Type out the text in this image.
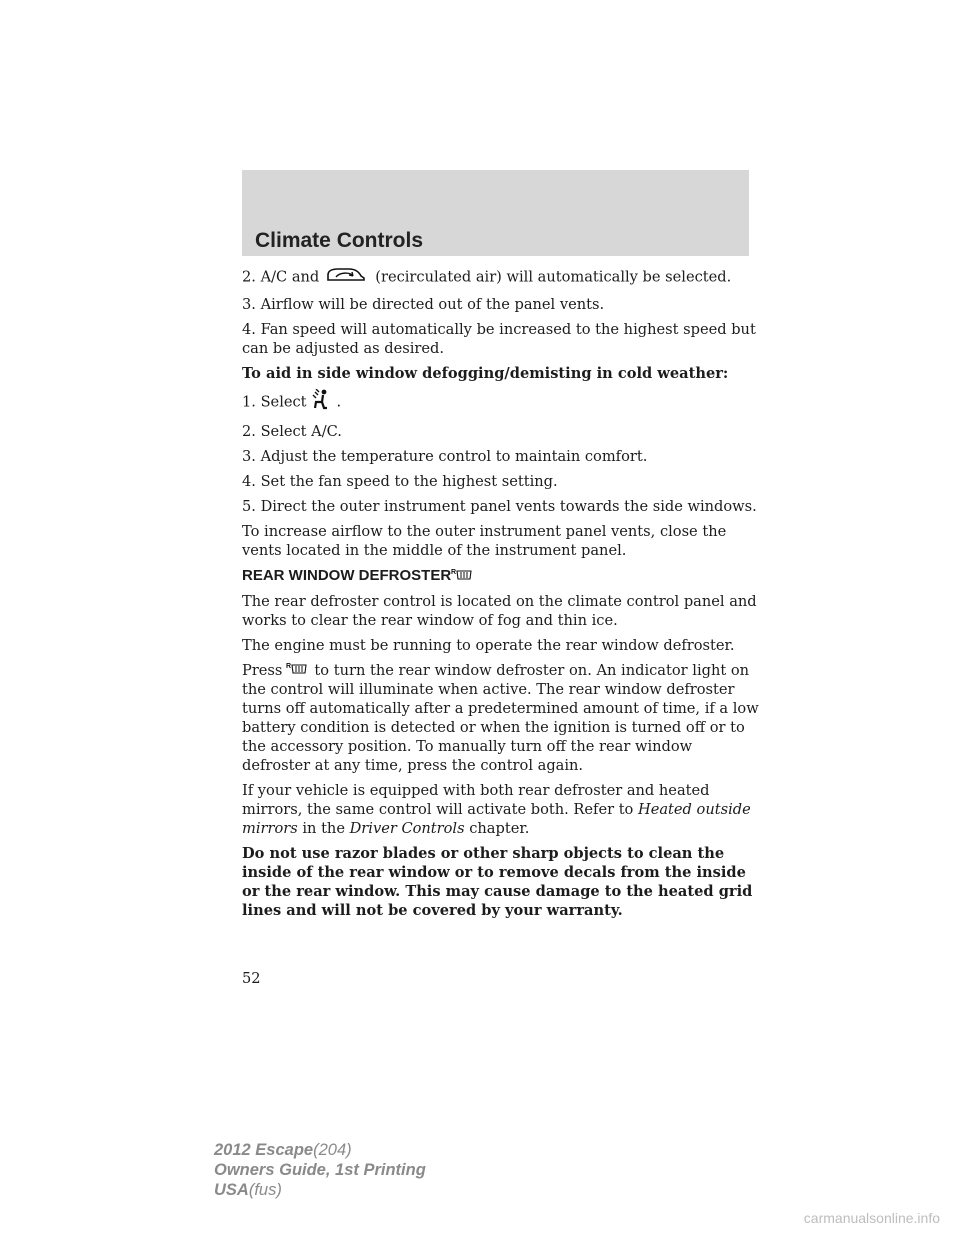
Climate Controls

2. A/C and	(recirculated air) will automatically be selected.

3. Airflow will be directed out of the panel vents.

4. Fan speed will automatically be increased to the highest speed but can be adjusted as desired.

To aid in side window defogging/demisting in cold weather:

1. Select .

2. Select A/C.

3. Adjust the temperature control to maintain comfort.

4. Set the fan speed to the highest setting.

5. Direct the outer instrument panel vents towards the side windows.

To increase airflow to the outer instrument panel vents, close the vents located in the middle of the instrument panel.

REAR WINDOW DEFROSTER R

The rear defroster control is located on the climate control panel and works to clear the rear window of fog and thin ice.

The engine must be running to operate the rear window defroster.

Press R to turn the rear window defroster on. An indicator light on the control will illuminate when active. The rear window defroster turns off automatically after a predetermined amount of time, if a low battery condition is detected or when the ignition is turned off or to the accessory position. To manually turn off the rear window defroster at any time, press the control again.

If your vehicle is equipped with both rear defroster and heated mirrors, the same control will activate both. Refer to Heated outside mirrors in the Driver Controls chapter.

Do not use razor blades or other sharp objects to clean the inside of the rear window or to remove decals from the inside or the rear window. This may cause damage to the heated grid lines and will not be covered by your warranty.

52
2012 Escape(204)
Owners Guide, 1st Printing
USA(fus)
carmanualsonline.info
